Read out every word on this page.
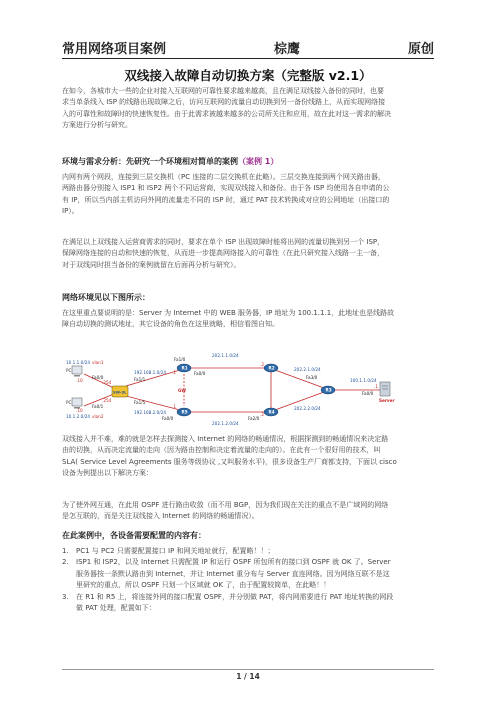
常用网络项目案例	棕鹰	原创
双线接入故障自动切换方案（完整版 v2.1）

在如今，各城市大一些的企业对接入互联网的可靠性要求越来越高，且在满足双线接入备份的同时，也要
求当单条线入 ISP 的线路出现故障之后，访问互联网的流量自动切换到另一备份线路上，从而实现网络接
入的可靠性和故障时的快速恢复性。由于此需求被越来越多的公司所关注和应用，故在此对这一需求的解决
方案进行分析与研究。

环境与需求分析：先研究一个环境相对简单的案例（案例 1）

内网有两个网段，连接到三层交换机（PC 连接的二层交换机在此略）。三层交换连接到两个网关路由器，
两路由器分别接入 ISP1 和 ISP2 两个不同运营商，实现双线接入和备份。由于各 ISP 均使用各自申请的公
有 IP，所以当内部主机访问外网的流量走不同的 ISP 时，通过 PAT 技术转换成对应的公网地址（出接口的
IP）。

在满足以上双线接入运营商需求的同时，要求在单个 ISP 出现故障时能将出网的流量切换到另一个 ISP，
保障网络连接的自动和快速的恢复，从而进一步提高网络接入的可靠性（在此只研究接入线路一主一备，
对于双线同时担当备份的案例就留在后面再分析与研究）。

网络环境见以下图所示：

在这里重点要说明的是：Server 为 Internet 中的 WEB 服务器，IP 地址为 100.1.1.1，此地址也是线路故
障自动切换的测试地址，其它设备的角色在这里就略，相信看图自知。

PC
PC
SW-3L
R1
R5
R2
R4
R3
Server
GW
202.1.1.0/24
202.2.1.0/24
202.1.2.0/24
202.2.2.0/24
100.1.1.0/24
10.1.1.0/24 vlan1
10.1.2.0/24 vlan2
192.168.1.0/24
192.168.2.0/24
Fa1/0
Fa1/1
Fa1/5
Fa0/0
Fa0/1
Fa0/0
Fa0/0	Fa2/0
Fa3/0
Fa0/0
.254
.254
.10
.10
.1
.1
.2
.2
.1

双线接入并不难，难的就是怎样去探测接入 Internet 的网络的畅通情况，根据探测到的畅通情况来决定路
由的切换，从而决定流量的走向（因为路由控制和决定着流量的走向的）。在此有一个很好用的技术，叫
SLA( Service Level Agreements 服务等级协议 ,又叫服务水平)，很多设备生产厂商都支持，下面以 cisco
设备为例提出以下解决方案：

为了使外网互通，在此用 OSPF 进行路由收敛（而不用 BGP，因为我们现在关注的重点不是广域网的网络
是怎互联的，而是关注双线接入 Internet 的网络的畅通情况）。

在此案例中，各设备需要配置的内容有：
1.	PC1 与 PC2 只需要配置接口 IP 和网关地址就行，配置略！！；
2.	ISP1 和 ISP2，以及 Internet 只需配置 IP 和运行 OSPF 所包所有的接口到 OSPF 就 OK 了。Server
服务器按一条默认路由到 Internet，并让 Internet 重分布与 Server 直连网络。因为网络互联不是这
里研究的重点，所以 OSPF 只划一个区域就 OK 了，由于配置较简单，在此略！！
3.	在 R1 和 R5 上，将连接外网的接口配置 OSPF，并分别做 PAT，将内网需要进行 PAT 地址转换的网段
做 PAT 处理，配置如下：
1 / 14
